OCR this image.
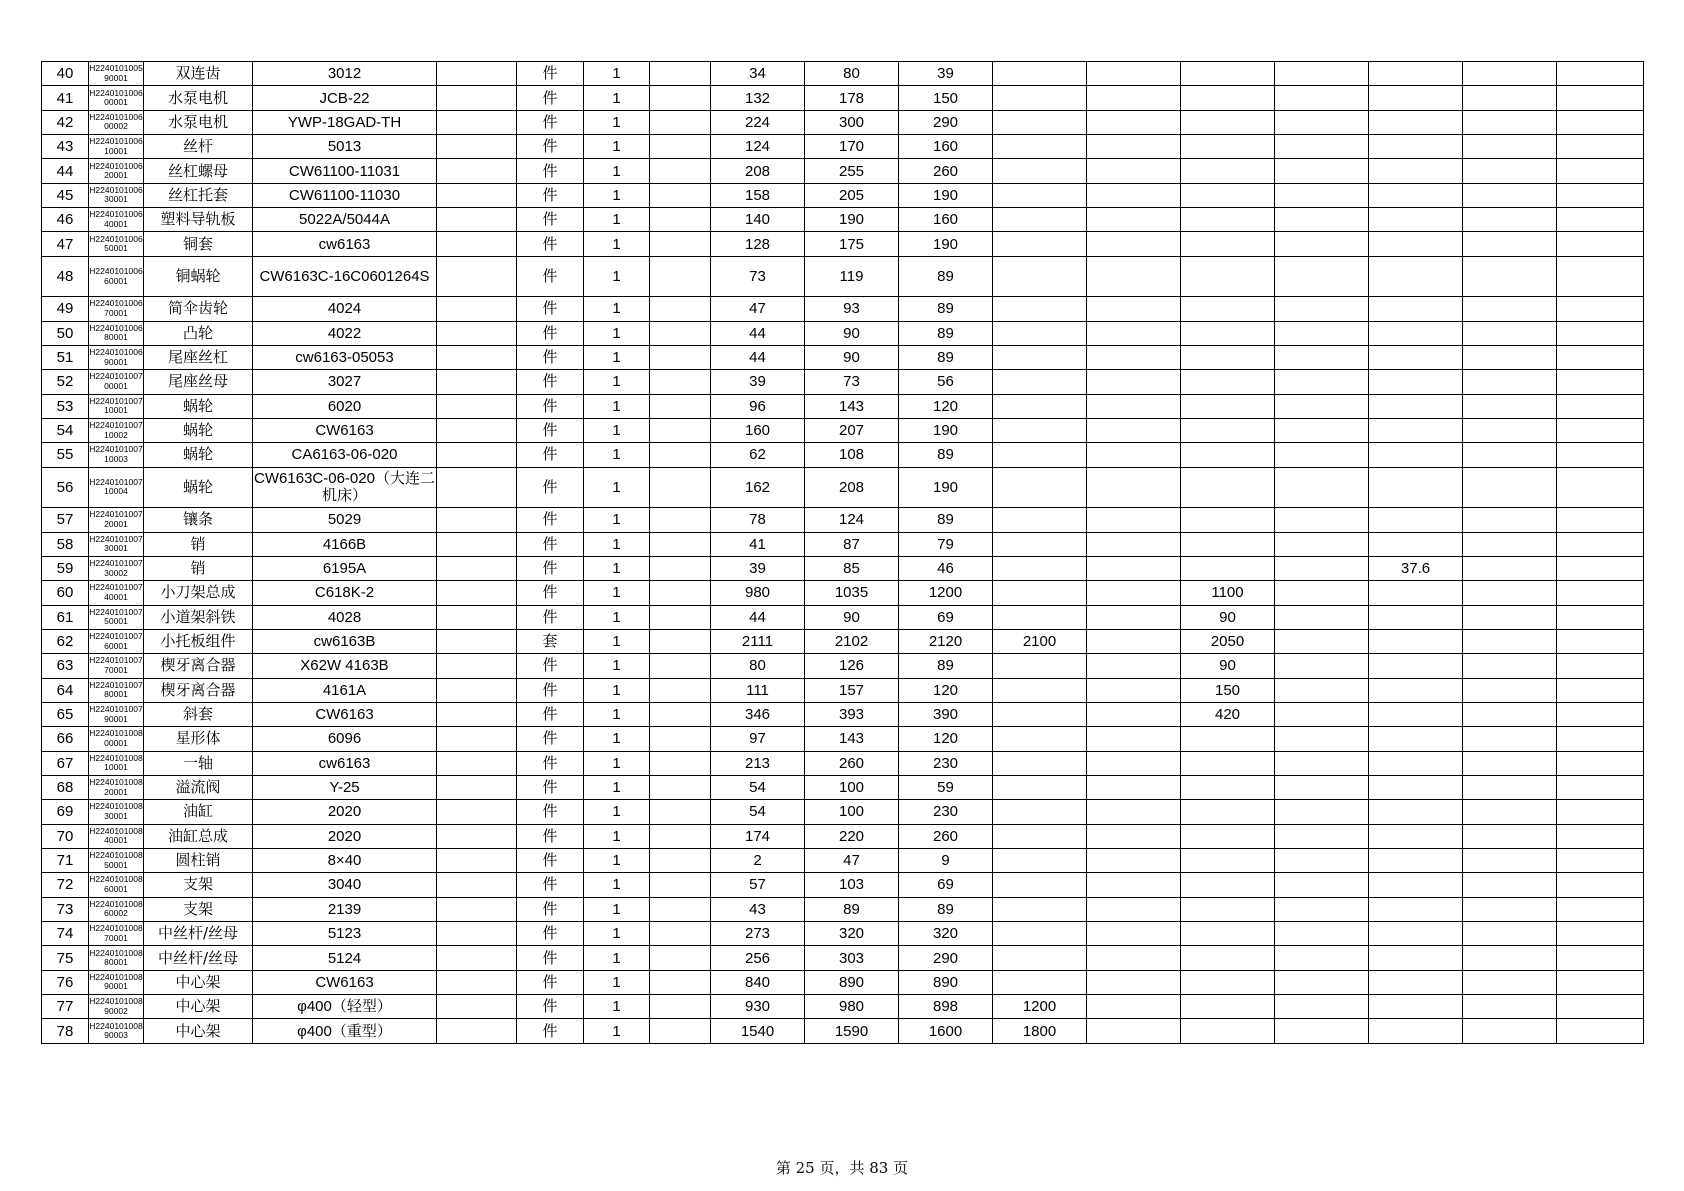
40	H224010100590001	双连齿	3012		件	1		34	80	39							
41	H224010100600001	水泵电机	JCB-22		件	1		132	178	150							
42	H224010100600002	水泵电机	YWP-18GAD-TH		件	1		224	300	290							
43	H224010100610001	丝杆	5013		件	1		124	170	160							
44	H224010100620001	丝杠螺母	CW61100-11031		件	1		208	255	260							
45	H224010100630001	丝杠托套	CW61100-11030		件	1		158	205	190							
46	H224010100640001	塑料导轨板	5022A/5044A		件	1		140	190	160							
47	H224010100650001	铜套	cw6163		件	1		128	175	190							
48	H224010100660001	铜蜗轮	CW6163C-16C0601264S		件	1		73	119	89							
49	H224010100670001	简伞齿轮	4024		件	1		47	93	89							
50	H224010100680001	凸轮	4022		件	1		44	90	89							
51	H224010100690001	尾座丝杠	cw6163-05053		件	1		44	90	89							
52	H224010100700001	尾座丝母	3027		件	1		39	73	56							
53	H224010100710001	蜗轮	6020		件	1		96	143	120							
54	H224010100710002	蜗轮	CW6163		件	1		160	207	190							
55	H224010100710003	蜗轮	CA6163-06-020		件	1		62	108	89							
56	H224010100710004	蜗轮	CW6163C-06-020（大连二机床）		件	1		162	208	190							
57	H224010100720001	镶条	5029		件	1		78	124	89							
58	H224010100730001	销	4166B		件	1		41	87	79							
59	H224010100730002	销	6195A		件	1		39	85	46					37.6		
60	H224010100740001	小刀架总成	C618K-2		件	1		980	1035	1200			1100				
61	H224010100750001	小道架斜铁	4028		件	1		44	90	69			90				
62	H224010100760001	小托板组件	cw6163B		套	1		2111	2102	2120	2100		2050				
63	H224010100770001	楔牙离合器	X62W 4163B		件	1		80	126	89			90				
64	H224010100780001	楔牙离合器	4161A		件	1		111	157	120			150				
65	H224010100790001	斜套	CW6163		件	1		346	393	390			420				
66	H224010100800001	星形体	6096		件	1		97	143	120							
67	H224010100810001	一轴	cw6163		件	1		213	260	230							
68	H224010100820001	溢流阀	Y-25		件	1		54	100	59							
69	H224010100830001	油缸	2020		件	1		54	100	230							
70	H224010100840001	油缸总成	2020		件	1		174	220	260							
71	H224010100850001	圆柱销	8×40		件	1		2	47	9							
72	H224010100860001	支架	3040		件	1		57	103	69							
73	H224010100860002	支架	2139		件	1		43	89	89							
74	H224010100870001	中丝杆/丝母	5123		件	1		273	320	320							
75	H224010100880001	中丝杆/丝母	5124		件	1		256	303	290							
76	H224010100890001	中心架	CW6163		件	1		840	890	890							
77	H224010100890002	中心架	φ400（轻型）		件	1		930	980	898	1200						
78	H224010100890003	中心架	φ400（重型）		件	1		1540	1590	1600	1800						
第 25 页，共 83 页
